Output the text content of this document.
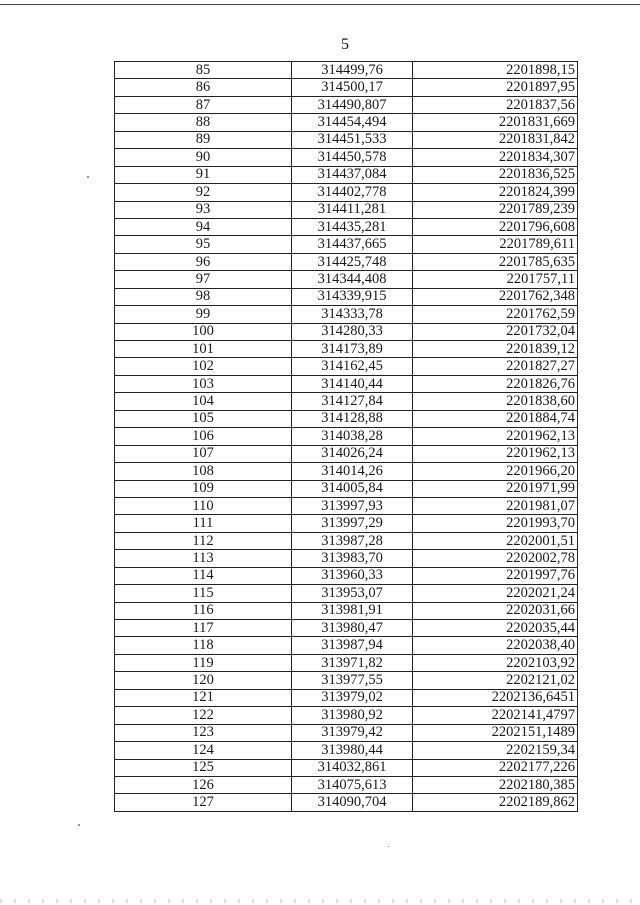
5
85	314499,76	2201898,15
86	314500,17	2201897,95
87	314490,807	2201837,56
88	314454,494	2201831,669
89	314451,533	2201831,842
90	314450,578	2201834,307
91	314437,084	2201836,525
92	314402,778	2201824,399
93	314411,281	2201789,239
94	314435,281	2201796,608
95	314437,665	2201789,611
96	314425,748	2201785,635
97	314344,408	2201757,11
98	314339,915	2201762,348
99	314333,78	2201762,59
100	314280,33	2201732,04
101	314173,89	2201839,12
102	314162,45	2201827,27
103	314140,44	2201826,76
104	314127,84	2201838,60
105	314128,88	2201884,74
106	314038,28	2201962,13
107	314026,24	2201962,13
108	314014,26	2201966,20
109	314005,84	2201971,99
110	313997,93	2201981,07
111	313997,29	2201993,70
112	313987,28	2202001,51
113	313983,70	2202002,78
114	313960,33	2201997,76
115	313953,07	2202021,24
116	313981,91	2202031,66
117	313980,47	2202035,44
118	313987,94	2202038,40
119	313971,82	2202103,92
120	313977,55	2202121,02
121	313979,02	2202136,6451
122	313980,92	2202141,4797
123	313979,42	2202151,1489
124	313980,44	2202159,34
125	314032,861	2202177,226
126	314075,613	2202180,385
127	314090,704	2202189,862
